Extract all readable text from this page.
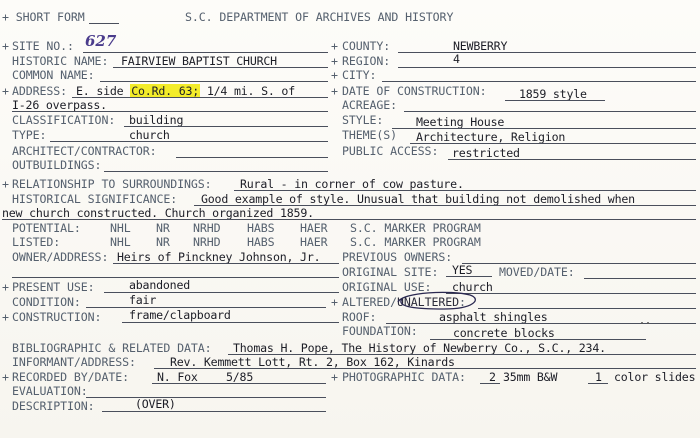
+ SHORT FORM	S.C. DEPARTMENT OF ARCHIVES AND HISTORY
+ SITE NO.: 627
HISTORIC NAME: FAIRVIEW BAPTIST CHURCH
COMMON NAME:
+ ADDRESS: E. side Co.Rd. 63; 1/4 mi. S. of
I-26 overpass.
CLASSIFICATION: building
TYPE:	church
ARCHITECT/CONTRACTOR:
OUTBUILDINGS:
+ COUNTY:	NEWBERRY
+ REGION:	4
+ CITY:
+ DATE OF CONSTRUCTION:	1859 style
ACREAGE:
STYLE:	Meeting House
THEME(S) Architecture, Religion
PUBLIC ACCESS: restricted
+ RELATIONSHIP TO SURROUNDINGS: Rural - in corner of cow pasture.
HISTORICAL SIGNIFICANCE: Good example of style. Unusual that building not demolished when
new church constructed. Church organized 1859.
POTENTIAL:	NHL NR NRHD HABS HAER S.C. MARKER PROGRAM
LISTED:	NHL NR NRHD HABS HAER S.C. MARKER PROGRAM
OWNER/ADDRESS: Heirs of Pinckney Johnson, Jr. PREVIOUS OWNERS:
ORIGINAL SITE: YES MOVED/DATE:
+ PRESENT USE:	abandoned	ORIGINAL USE: church
CONDITION:	fair	+ ALTERED/UNALTERED:
+ CONSTRUCTION: frame/clapboard	ROOF:	asphalt shingles
FOUNDATION:	concrete blocks
BIBLIOGRAPHIC & RELATED DATA: Thomas H. Pope, The History of Newberry Co., S.C., 234.
INFORMANT/ADDRESS:	Rev. Kemmett Lott, Rt. 2, Box 162, Kinards
+ RECORDED BY/DATE: N. Fox 5/85	+ PHOTOGRAPHIC DATA: 2 35mm B&W	1 color slides
EVALUATION:
DESCRIPTION:	(OVER)
